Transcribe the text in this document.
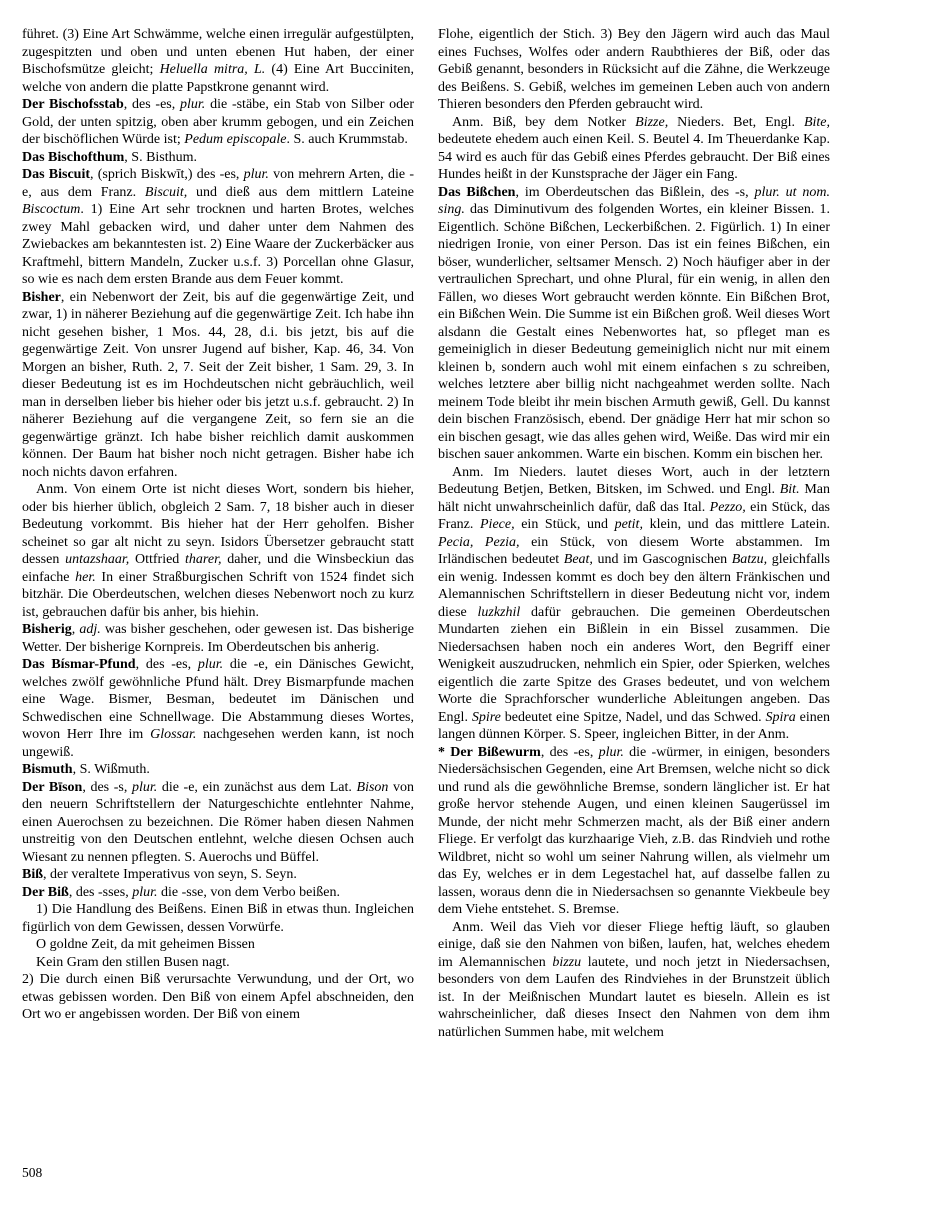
führet. (3) Eine Art Schwämme, welche einen irregulär aufgestülpten, zugespitzten und oben und unten ebenen Hut haben, der einer Bischofsmütze gleicht; Heluella mitra, L. (4) Eine Art Bucciniten, welche von andern die platte Papstkrone genannt wird.

Der Bischofsstab, des -es, plur. die -stäbe, ein Stab von Silber oder Gold, der unten spitzig, oben aber krumm gebogen, und ein Zeichen der bischöflichen Würde ist; Pedum episcopale. S. auch Krummstab.

Das Bischofthum, S. Bisthum.

Das Biscuit, (sprich Biskwīt,) des -es, plur. von mehrern Arten, die -e, aus dem Franz. Biscuit, und dieß aus dem mittlern Lateine Biscoctum. 1) Eine Art sehr trocknen und harten Brotes, welches zwey Mahl gebacken wird, und daher unter dem Nahmen des Zwiebackes am bekanntesten ist. 2) Eine Waare der Zuckerbäcker aus Kraftmehl, bittern Mandeln, Zucker u.s.f. 3) Porcellan ohne Glasur, so wie es nach dem ersten Brande aus dem Feuer kommt.

Bisher, ein Nebenwort der Zeit, bis auf die gegenwärtige Zeit, und zwar, 1) in näherer Beziehung auf die gegenwärtige Zeit. Ich habe ihn nicht gesehen bisher, 1 Mos. 44, 28, d.i. bis jetzt, bis auf die gegenwärtige Zeit. Von unsrer Jugend auf bisher, Kap. 46, 34. Von Morgen an bisher, Ruth. 2, 7. Seit der Zeit bisher, 1 Sam. 29, 3. In dieser Bedeutung ist es im Hochdeutschen nicht gebräuchlich, weil man in derselben lieber bis hieher oder bis jetzt u.s.f. gebraucht. 2) In näherer Beziehung auf die vergangene Zeit, so fern sie an die gegenwärtige gränzt. Ich habe bisher reichlich damit auskommen können. Der Baum hat bisher noch nicht getragen. Bisher habe ich noch nichts davon erfahren.

Anm. Von einem Orte ist nicht dieses Wort, sondern bis hieher, oder bis hierher üblich, obgleich 2 Sam. 7, 18 bisher auch in dieser Bedeutung vorkommt. Bis hieher hat der Herr geholfen. Bisher scheinet so gar alt nicht zu seyn. Isidors Übersetzer gebraucht statt dessen untazshaar, Ottfried tharer, daher, und die Winsbeckiun das einfache her. In einer Straßburgischen Schrift von 1524 findet sich bitzhär. Die Oberdeutschen, welchen dieses Nebenwort noch zu kurz ist, gebrauchen dafür bis anher, bis hiehin.

Bisherig, adj. was bisher geschehen, oder gewesen ist. Das bisherige Wetter. Der bisherige Kornpreis. Im Oberdeutschen bis anherig.

Das Bísmar-Pfund, des -es, plur. die -e, ein Dänisches Gewicht, welches zwölf gewöhnliche Pfund hält. Drey Bismarpfunde machen eine Wage. Bismer, Besman, bedeutet im Dänischen und Schwedischen eine Schnellwage. Die Abstammung dieses Wortes, wovon Herr Ihre im Glossar. nachgesehen werden kann, ist noch ungewiß.

Bismuth, S. Wißmuth.

Der Bīson, des -s, plur. die -e, ein zunächst aus dem Lat. Bison von den neuern Schriftstellern der Naturgeschichte entlehnter Nahme, einen Auerochsen zu bezeichnen. Die Römer haben diesen Nahmen unstreitig von den Deutschen entlehnt, welche diesen Ochsen auch Wiesant zu nennen pflegten. S. Auerochs und Büffel.

Biß, der veraltete Imperativus von seyn, S. Seyn.

Der Biß, des -sses, plur. die -sse, von dem Verbo beißen.

1) Die Handlung des Beißens. Einen Biß in etwas thun. Ingleichen figürlich von dem Gewissen, dessen Vorwürfe.

O goldne Zeit, da mit geheimen Bissen

Kein Gram den stillen Busen nagt.

2) Die durch einen Biß verursachte Verwundung, und der Ort, wo etwas gebissen worden. Den Biß von einem Apfel abschneiden, den Ort wo er angebissen worden. Der Biß von einem

Flohe, eigentlich der Stich. 3) Bey den Jägern wird auch das Maul eines Fuchses, Wolfes oder andern Raubthieres der Biß, oder das Gebiß genannt, besonders in Rücksicht auf die Zähne, die Werkzeuge des Beißens. S. Gebiß, welches im gemeinen Leben auch von andern Thieren besonders den Pferden gebraucht wird.

Anm. Biß, bey dem Notker Bizze, Nieders. Bet, Engl. Bite, bedeutete ehedem auch einen Keil. S. Beutel 4. Im Theuerdanke Kap. 54 wird es auch für das Gebiß eines Pferdes gebraucht. Der Biß eines Hundes heißt in der Kunstsprache der Jäger ein Fang.

Das Bißchen, im Oberdeutschen das Bißlein, des -s, plur. ut nom. sing. das Diminutivum des folgenden Wortes, ein kleiner Bissen. 1. Eigentlich. Schöne Bißchen, Leckerbißchen. 2. Figürlich. 1) In einer niedrigen Ironie, von einer Person. Das ist ein feines Bißchen, ein böser, wunderlicher, seltsamer Mensch. 2) Noch häufiger aber in der vertraulichen Sprechart, und ohne Plural, für ein wenig, in allen den Fällen, wo dieses Wort gebraucht werden könnte. Ein Bißchen Brot, ein Bißchen Wein. Die Summe ist ein Bißchen groß. Weil dieses Wort alsdann die Gestalt eines Nebenwortes hat, so pfleget man es gemeiniglich in dieser Bedeutung gemeiniglich nicht nur mit einem kleinen b, sondern auch wohl mit einem einfachen s zu schreiben, welches letztere aber billig nicht nachgeahmet werden sollte. Nach meinem Tode bleibt ihr mein bischen Armuth gewiß, Gell. Du kannst dein bischen Französisch, ebend. Der gnädige Herr hat mir schon so ein bischen gesagt, wie das alles gehen wird, Weiße. Das wird mir ein bischen sauer ankommen. Warte ein bischen. Komm ein bischen her.

Anm. Im Nieders. lautet dieses Wort, auch in der letztern Bedeutung Betjen, Betken, Bitsken, im Schwed. und Engl. Bit. Man hält nicht unwahrscheinlich dafür, daß das Ital. Pezzo, ein Stück, das Franz. Piece, ein Stück, und petit, klein, und das mittlere Latein. Pecia, Pezia, ein Stück, von diesem Worte abstammen. Im Irländischen bedeutet Beat, und im Gascognischen Batzu, gleichfalls ein wenig. Indessen kommt es doch bey den ältern Fränkischen und Alemannischen Schriftstellern in dieser Bedeutung nicht vor, indem diese luzkzhil dafür gebrauchen. Die gemeinen Oberdeutschen Mundarten ziehen ein Bißlein in ein Bissel zusammen. Die Niedersachsen haben noch ein anderes Wort, den Begriff einer Wenigkeit auszudrucken, nehmlich ein Spier, oder Spierken, welches eigentlich die zarte Spitze des Grases bedeutet, und von welchem Worte die Sprachforscher wunderliche Ableitungen angeben. Das Engl. Spire bedeutet eine Spitze, Nadel, und das Schwed. Spira einen langen dünnen Körper. S. Speer, ingleichen Bitter, in der Anm.

* Der Bißewurm, des -es, plur. die -würmer, in einigen, besonders Niedersächsischen Gegenden, eine Art Bremsen, welche nicht so dick und rund als die gewöhnliche Bremse, sondern länglicher ist. Er hat große hervor stehende Augen, und einen kleinen Saugerüssel im Munde, der nicht mehr Schmerzen macht, als der Biß einer andern Fliege. Er verfolgt das kurzhaarige Vieh, z.B. das Rindvieh und rothe Wildbret, nicht so wohl um seiner Nahrung willen, als vielmehr um das Ey, welches er in dem Legestachel hat, auf dasselbe fallen zu lassen, woraus denn die in Niedersachsen so genannte Viekbeule bey dem Viehe entstehet. S. Bremse.

Anm. Weil das Vieh vor dieser Fliege heftig läuft, so glauben einige, daß sie den Nahmen von bißen, laufen, hat, welches ehedem im Alemannischen bizzu lautete, und noch jetzt in Niedersachsen, besonders von dem Laufen des Rindviehes in der Brunstzeit üblich ist. In der Meißnischen Mundart lautet es bieseln. Allein es ist wahrscheinlicher, daß dieses Insect den Nahmen von dem ihm natürlichen Summen habe, mit welchem

508
